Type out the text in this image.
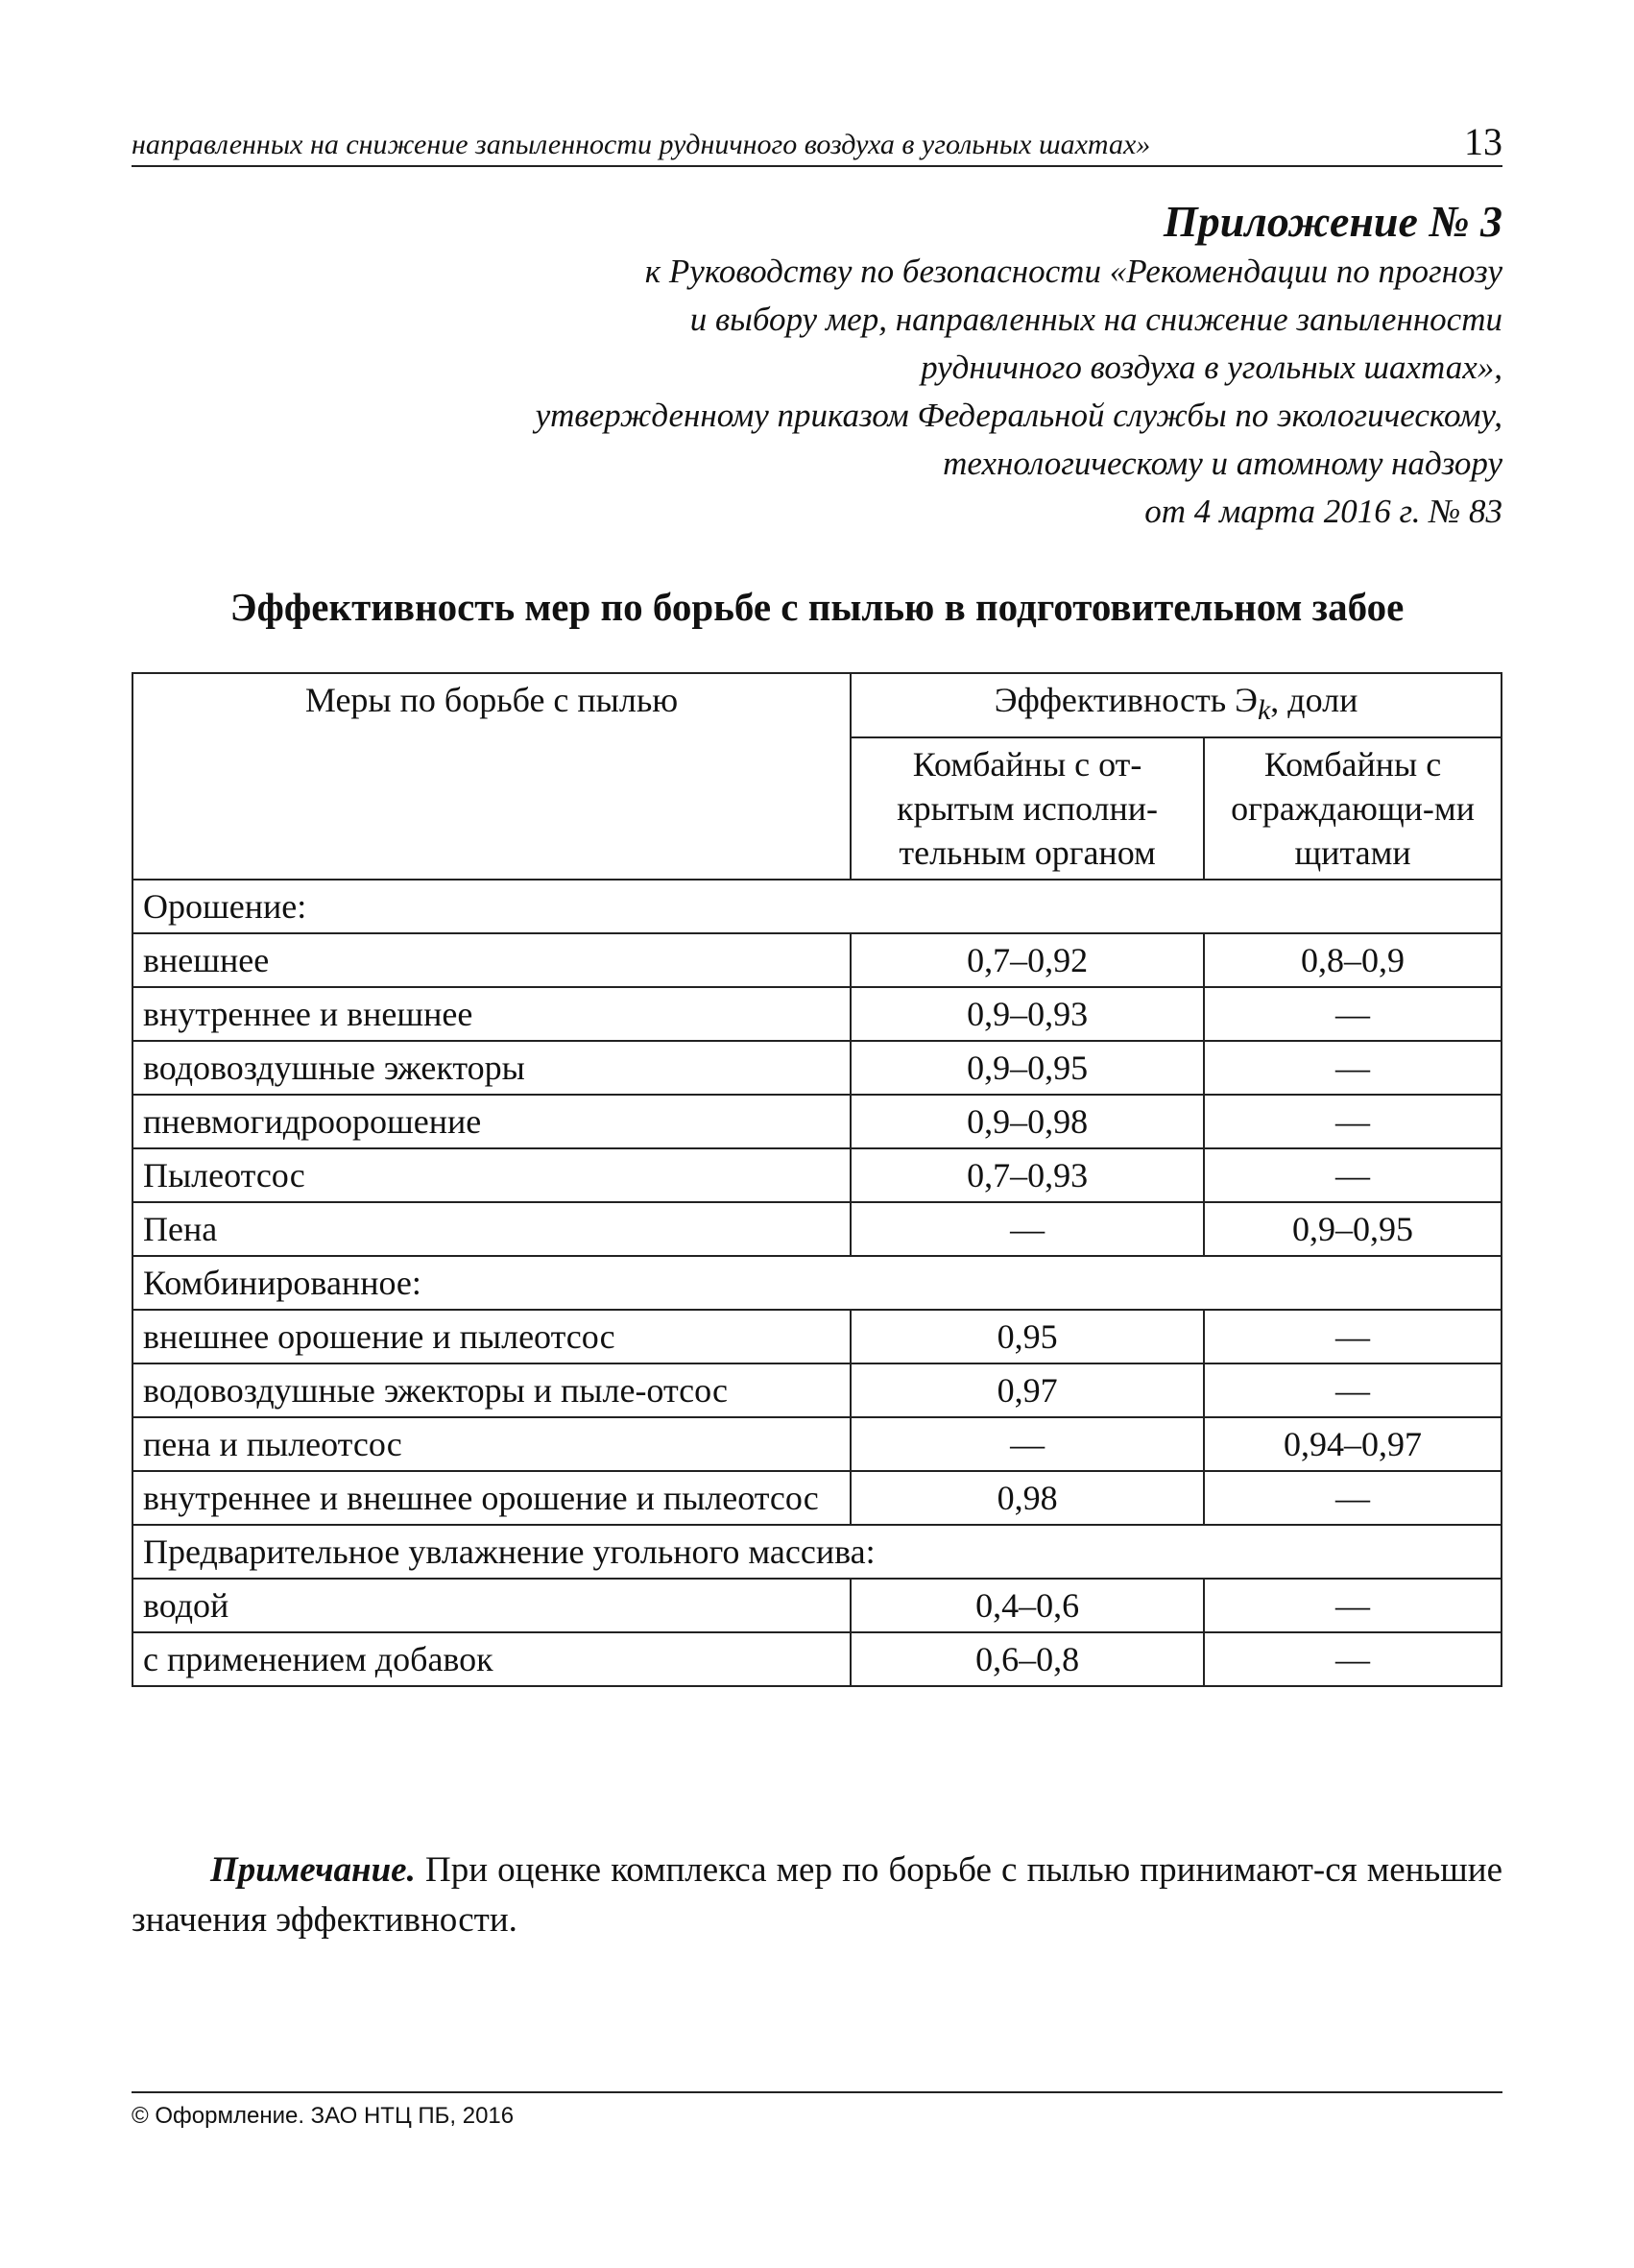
направленных на снижение запыленности рудничного воздуха в угольных шахтах»	13
Приложение № 3
к Руководству по безопасности «Рекомендации по прогнозу
и выбору мер, направленных на снижение запыленности
рудничного воздуха в угольных шахтах»,
утвержденному приказом Федеральной службы по экологическому,
технологическому и атомному надзору
от 4 марта 2016 г. № 83
Эффективность мер по борьбе с пылью в подготовительном забое
Меры по борьбе с пылью	Эффективность $Э_k$, доли	
	Комбайны с от-крытым исполни-тельным органом	Комбайны с ограждающи-ми щитами
Орошение:		
внешнее	0,7–0,92	0,8–0,9
внутреннее и внешнее	0,9–0,93	—
водовоздушные эжекторы	0,9–0,95	—
пневмогидроорошение	0,9–0,98	—
Пылеотсос	0,7–0,93	—
Пена	—	0,9–0,95
Комбинированное:		
внешнее орошение и пылеотсос	0,95	—
водовоздушные эжекторы и пыле-отсос	0,97	—
пена и пылеотсос	—	0,94–0,97
внутреннее и внешнее орошение и пылеотсос	0,98	—
Предварительное увлажнение угольного массива:		
водой	0,4–0,6	—
с применением добавок	0,6–0,8	—
Примечание. При оценке комплекса мер по борьбе с пылью принимают-ся меньшие значения эффективности.
© Оформление. ЗАО НТЦ ПБ, 2016
